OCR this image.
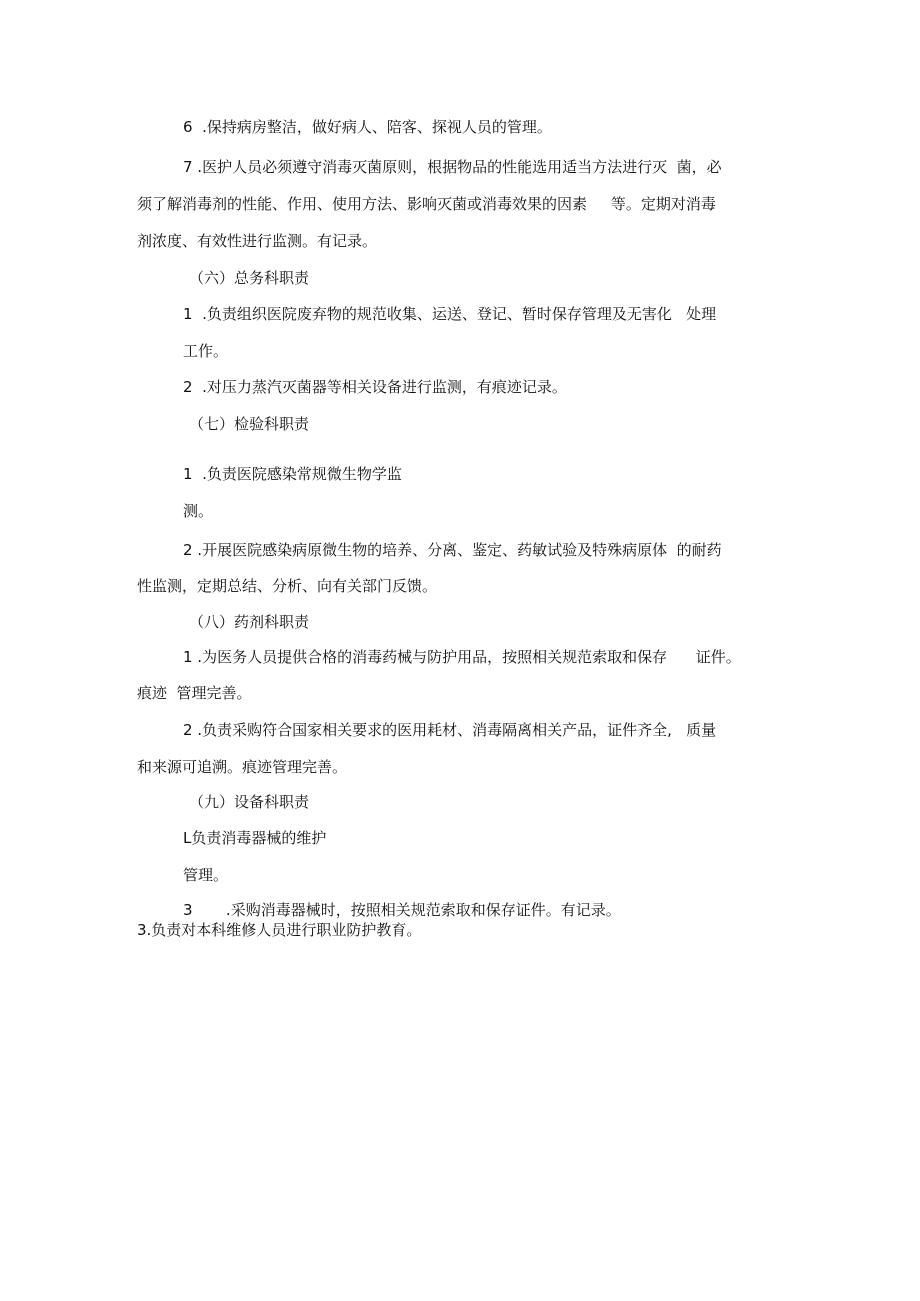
6  .保持病房整洁，做好病人、陪客、探视人员的管理。

7 .医护人员必须遵守消毒灭菌原则，根据物品的性能选用适当方法进行灭  菌，必

须了解消毒剂的性能、作用、使用方法、影响灭菌或消毒效果的因素     等。定期对消毒

剂浓度、有效性进行监测。有记录。

（六）总务科职责

1  .负责组织医院废弃物的规范收集、运送、登记、暂时保存管理及无害化   处理

工作。

2  .对压力蒸汽灭菌器等相关设备进行监测，有痕迹记录。

（七）检验科职责

1  .负责医院感染常规微生物学监

测。

2 .开展医院感染病原微生物的培养、分离、鉴定、药敏试验及特殊病原体  的耐药

性监测，定期总结、分析、向有关部门反馈。

（八）药剂科职责

1 .为医务人员提供合格的消毒药械与防护用品，按照相关规范索取和保存      证件。

痕迹  管理完善。

2 .负责采购符合国家相关要求的医用耗材、消毒隔离相关产品，证件齐全,   质量

和来源可追溯。痕迹管理完善。

（九）设备科职责

L负责消毒器械的维护

管理。

3       .采购消毒器械时，按照相关规范索取和保存证件。有记录。

3.负责对本科维修人员进行职业防护教育。
